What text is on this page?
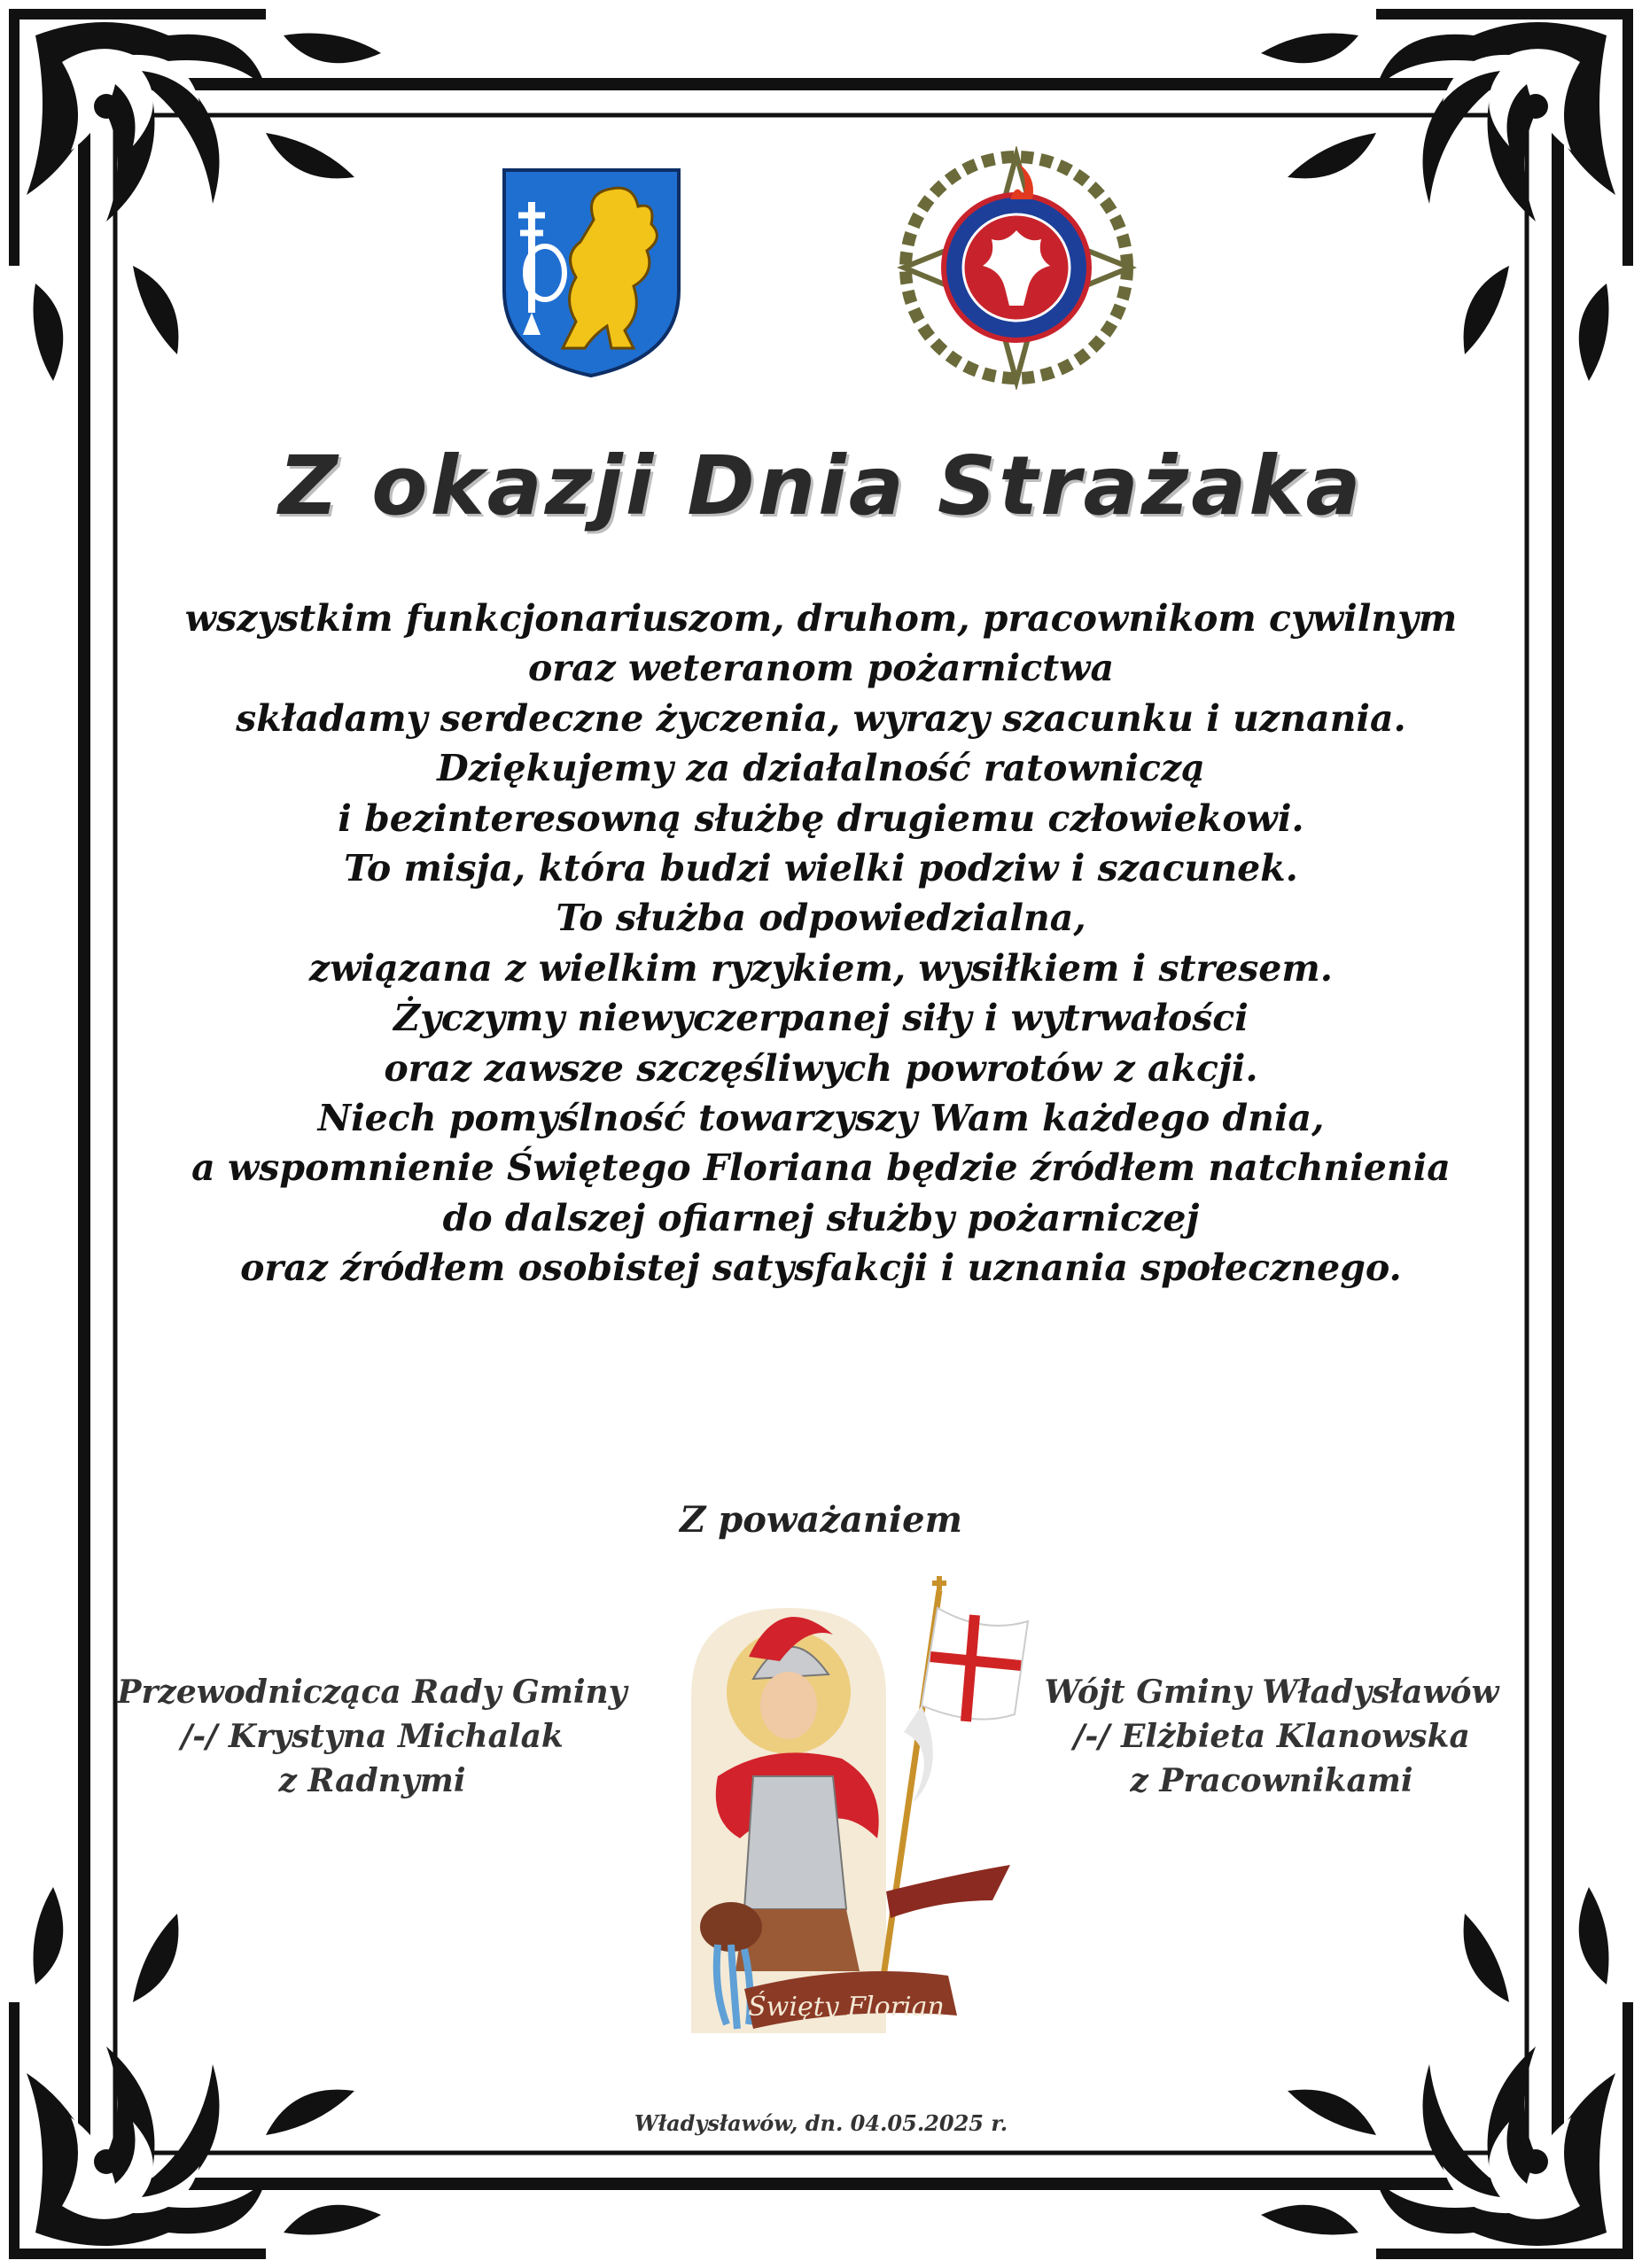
Z okazji Dnia Strażaka
wszystkim funkcjonariuszom, druhom, pracownikom cywilnym
oraz weteranom pożarnictwa
składamy serdeczne życzenia, wyrazy szacunku i uznania.
Dziękujemy za działalność ratowniczą
i bezinteresowną służbę drugiemu człowiekowi.
To misja, która budzi wielki podziw i szacunek.
To służba odpowiedzialna,
związana z wielkim ryzykiem, wysiłkiem i stresem.
Życzymy niewyczerpanej siły i wytrwałości
oraz zawsze szczęśliwych powrotów z akcji.
Niech pomyślność towarzyszy Wam każdego dnia,
a wspomnienie Świętego Floriana będzie źródłem natchnienia
do dalszej ofiarnej służby pożarniczej
oraz źródłem osobistej satysfakcji i uznania społecznego.
Z poważaniem
Przewodnicząca Rady Gminy
/-/ Krystyna Michalak
z Radnymi
Wójt Gminy Władysławów
/-/ Elżbieta Klanowska
z Pracownikami
Święty Florian
Władysławów, dn. 04.05.2025 r.
